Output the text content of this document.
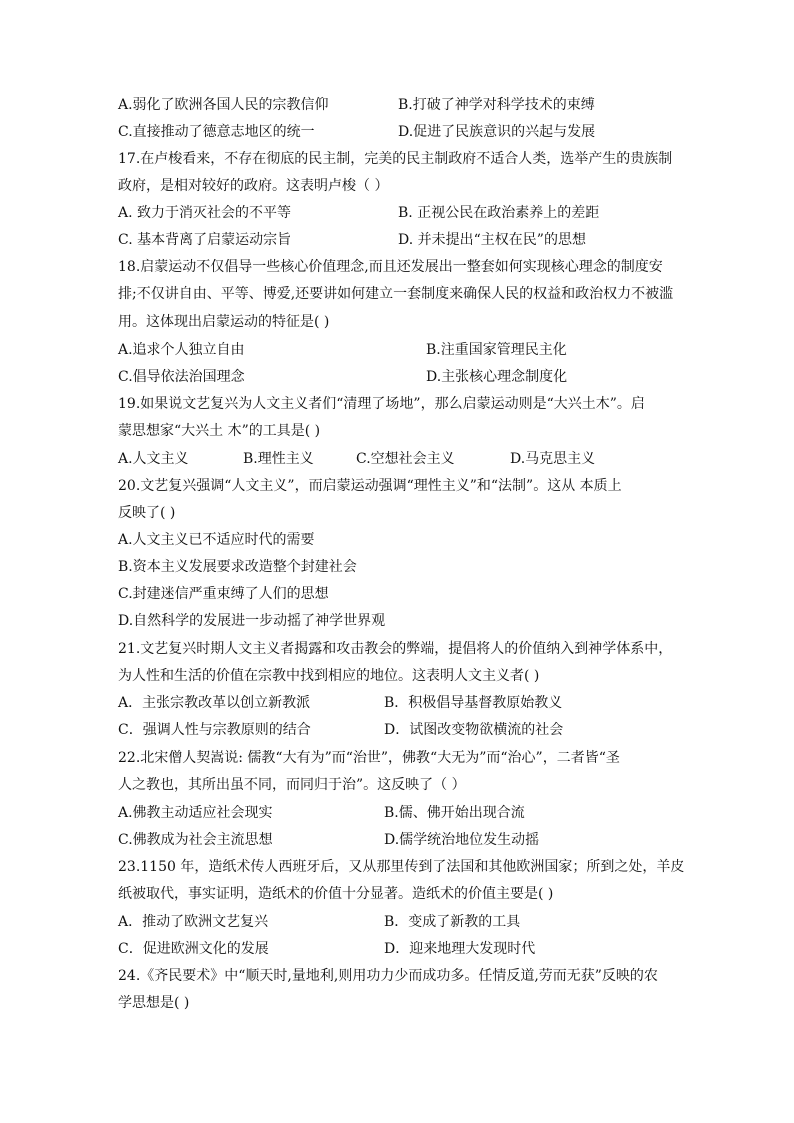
A.弱化了欧洲各国人民的宗教信仰	B.打破了神学对科学技术的束缚
C.直接推动了德意志地区的统一	D.促进了民族意识的兴起与发展
17.在卢梭看来，不存在彻底的民主制，完美的民主制政府不适合人类，选举产生的贵族制
政府，是相对较好的政府。这表明卢梭（ ）
A. 致力于消灭社会的不平等	B. 正视公民在政治素养上的差距
C. 基本背离了启蒙运动宗旨	D. 并未提出“主权在民”的思想
18.启蒙运动不仅倡导一些核心价值理念,而且还发展出一整套如何实现核心理念的制度安
排;不仅讲自由、平等、博爱,还要讲如何建立一套制度来确保人民的权益和政治权力不被滥
用。这体现出启蒙运动的特征是( )
A.追求个人独立自由	B.注重国家管理民主化
C.倡导依法治国理念	D.主张核心理念制度化
19.如果说文艺复兴为人文主义者们“清理了场地”，那么启蒙运动则是“大兴土木”。启
蒙思想家“大兴土 木”的工具是( )
A.人文主义	B.理性主义	C.空想社会主义	D.马克思主义
20.文艺复兴强调“人文主义”，而启蒙运动强调“理性主义”和“法制”。这从 本质上
反映了( )
A.人文主义已不适应时代的需要
B.资本主义发展要求改造整个封建社会
C.封建迷信严重束缚了人们的思想
D.自然科学的发展进一步动摇了神学世界观
21.文艺复兴时期人文主义者揭露和攻击教会的弊端，提倡将人的价值纳入到神学体系中，
为人性和生活的价值在宗教中找到相应的地位。这表明人文主义者( )
A．主张宗教改革以创立新教派	B．积极倡导基督教原始教义
C．强调人性与宗教原则的结合	D．试图改变物欲横流的社会
22.北宋僧人契嵩说: 儒教“大有为”而“治世”，佛教“大无为”而“治心”，二者皆“圣
人之教也，其所出虽不同，而同归于治”。这反映了（ ）
A.佛教主动适应社会现实	B.儒、佛开始出现合流
C.佛教成为社会主流思想	D.儒学统治地位发生动摇
23.1150 年，造纸术传人西班牙后，又从那里传到了法国和其他欧洲国家；所到之处，羊皮
纸被取代，事实证明，造纸术的价值十分显著。造纸术的价值主要是( )
A．推动了欧洲文艺复兴	B．变成了新教的工具
C．促进欧洲文化的发展	D．迎来地理大发现时代
24.《齐民要术》中“顺天时,量地利,则用功力少而成功多。任情反道,劳而无获”反映的农
学思想是( )
